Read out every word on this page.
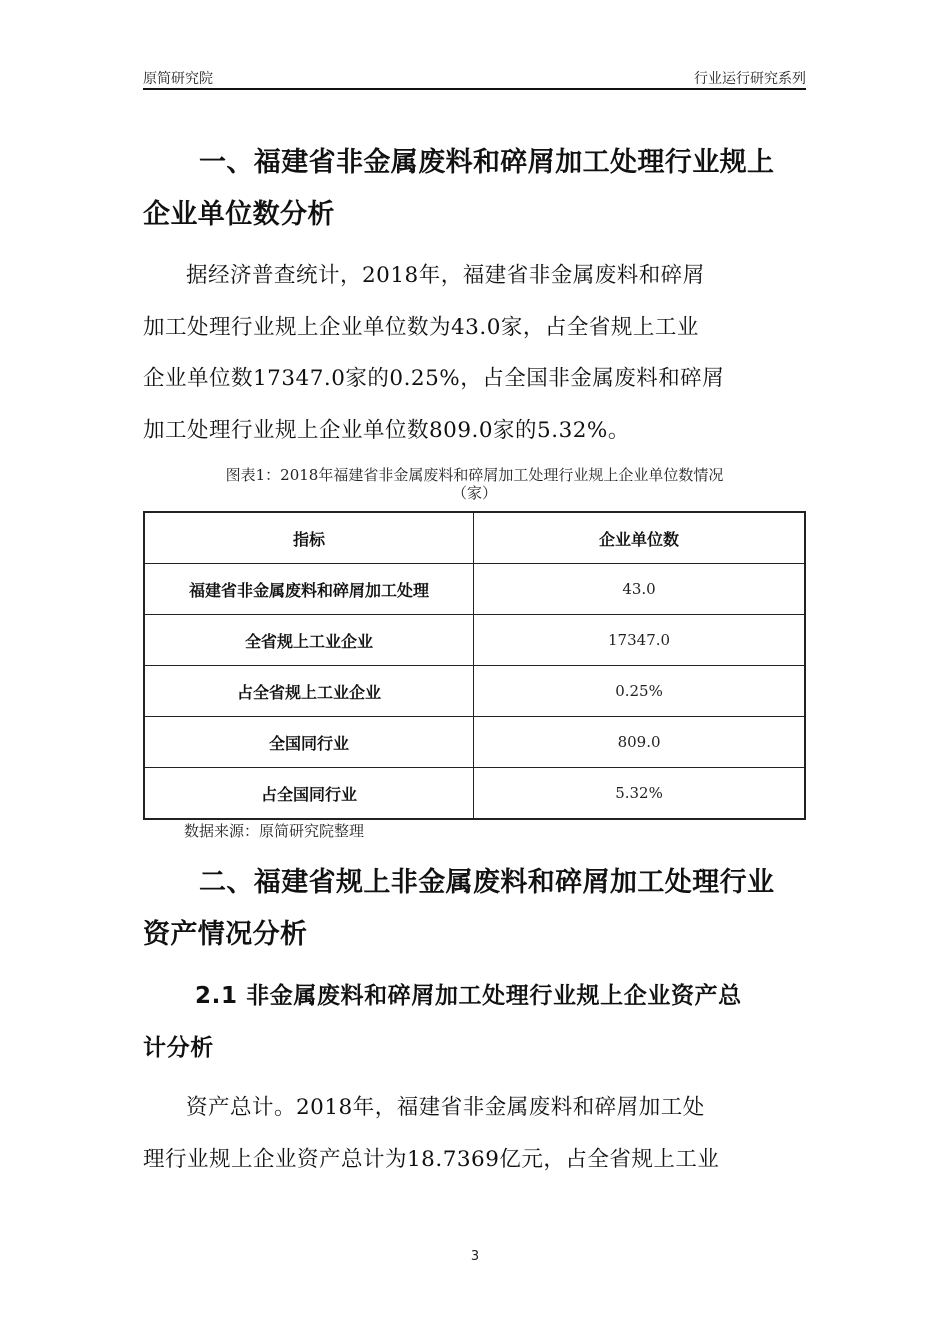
原简研究院	行业运行研究系列
一、福建省非金属废料和碎屑加工处理行业规上
企业单位数分析
据经济普查统计，2018年，福建省非金属废料和碎屑
加工处理行业规上企业单位数为43.0家，占全省规上工业
企业单位数17347.0家的0.25%，占全国非金属废料和碎屑
加工处理行业规上企业单位数809.0家的5.32%。
图表1：2018年福建省非金属废料和碎屑加工处理行业规上企业单位数情况
（家）
指标	企业单位数
福建省非金属废料和碎屑加工处理	43.0
全省规上工业企业	17347.0
占全省规上工业企业	0.25%
全国同行业	809.0
占全国同行业	5.32%
数据来源：原简研究院整理
二、福建省规上非金属废料和碎屑加工处理行业
资产情况分析
2.1 非金属废料和碎屑加工处理行业规上企业资产总
计分析
资产总计。2018年，福建省非金属废料和碎屑加工处
理行业规上企业资产总计为18.7369亿元，占全省规上工业
3
